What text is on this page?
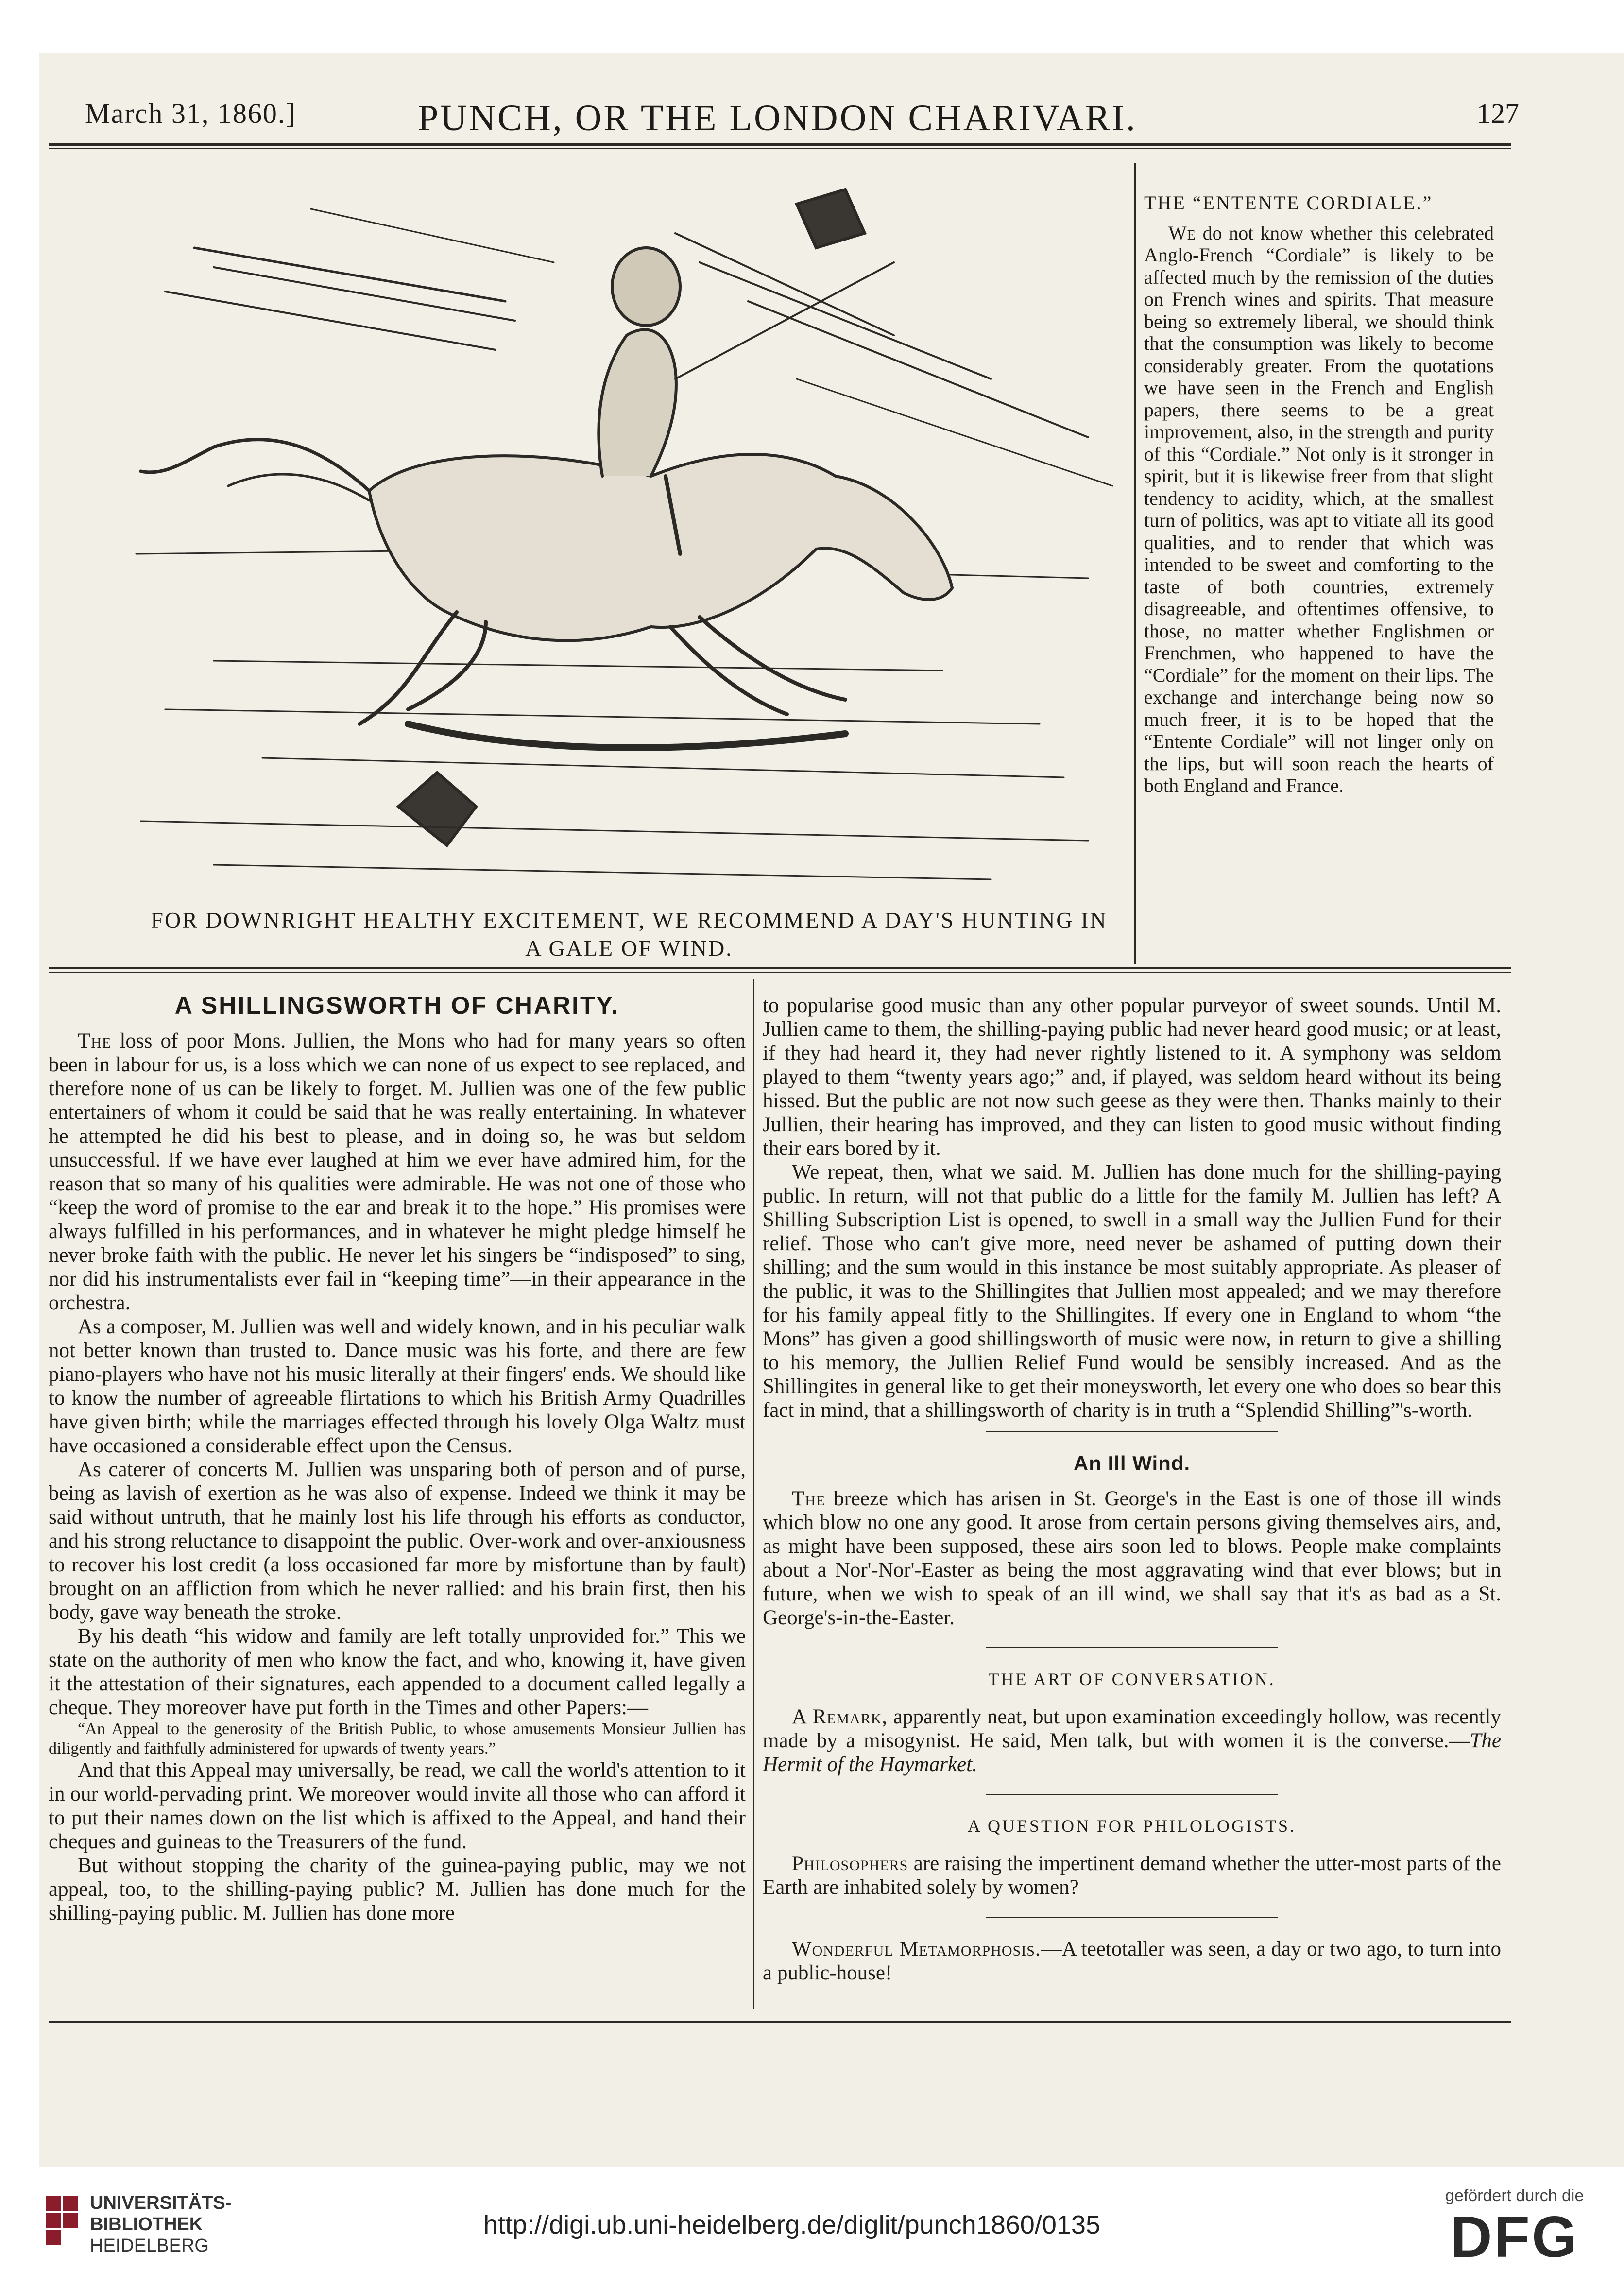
March 31, 1860.]	PUNCH, OR THE LONDON CHARIVARI.	127
FOR DOWNRIGHT HEALTHY EXCITEMENT, WE RECOMMEND A DAY'S HUNTING IN
A GALE OF WIND.
THE “ENTENTE CORDIALE.”

We do not know whether this celebrated Anglo-French “Cordiale” is likely to be affected much by the remission of the duties on French wines and spirits. That measure being so extremely liberal, we should think that the consumption was likely to become considerably greater. From the quotations we have seen in the French and English papers, there seems to be a great improvement, also, in the strength and purity of this “Cordiale.” Not only is it stronger in spirit, but it is likewise freer from that slight tendency to acidity, which, at the smallest turn of politics, was apt to vitiate all its good qualities, and to render that which was intended to be sweet and comforting to the taste of both countries, extremely disagreeable, and oftentimes offensive, to those, no matter whether Englishmen or Frenchmen, who happened to have the “Cordiale” for the moment on their lips. The exchange and interchange being now so much freer, it is to be hoped that the “Entente Cordiale” will not linger only on the lips, but will soon reach the hearts of both England and France.

A SHILLINGSWORTH OF CHARITY.

The loss of poor Mons. Jullien, the Mons who had for many years so often been in labour for us, is a loss which we can none of us expect to see replaced, and therefore none of us can be likely to forget. M. Jullien was one of the few public entertainers of whom it could be said that he was really entertaining. In whatever he attempted he did his best to please, and in doing so, he was but seldom unsuccessful. If we have ever laughed at him we ever have admired him, for the reason that so many of his qualities were admirable. He was not one of those who “keep the word of promise to the ear and break it to the hope.” His promises were always fulfilled in his performances, and in whatever he might pledge himself he never broke faith with the public. He never let his singers be “indisposed” to sing, nor did his instrumentalists ever fail in “keeping time”—in their appearance in the orchestra.

As a composer, M. Jullien was well and widely known, and in his peculiar walk not better known than trusted to. Dance music was his forte, and there are few piano-players who have not his music literally at their fingers' ends. We should like to know the number of agreeable flirtations to which his British Army Quadrilles have given birth; while the marriages effected through his lovely Olga Waltz must have occasioned a considerable effect upon the Census.

As caterer of concerts M. Jullien was unsparing both of person and of purse, being as lavish of exertion as he was also of expense. Indeed we think it may be said without untruth, that he mainly lost his life through his efforts as conductor, and his strong reluctance to disappoint the public. Over-work and over-anxiousness to recover his lost credit (a loss occasioned far more by misfortune than by fault) brought on an affliction from which he never rallied: and his brain first, then his body, gave way beneath the stroke.

By his death “his widow and family are left totally unprovided for.” This we state on the authority of men who know the fact, and who, knowing it, have given it the attestation of their signatures, each appended to a document called legally a cheque. They moreover have put forth in the Times and other Papers:—

“An Appeal to the generosity of the British Public, to whose amusements Monsieur Jullien has diligently and faithfully administered for upwards of twenty years.”

And that this Appeal may universally, be read, we call the world's attention to it in our world-pervading print. We moreover would invite all those who can afford it to put their names down on the list which is affixed to the Appeal, and hand their cheques and guineas to the Treasurers of the fund.

But without stopping the charity of the guinea-paying public, may we not appeal, too, to the shilling-paying public? M. Jullien has done much for the shilling-paying public. M. Jullien has done more

to popularise good music than any other popular purveyor of sweet sounds. Until M. Jullien came to them, the shilling-paying public had never heard good music; or at least, if they had heard it, they had never rightly listened to it. A symphony was seldom played to them “twenty years ago;” and, if played, was seldom heard without its being hissed. But the public are not now such geese as they were then. Thanks mainly to their Jullien, their hearing has improved, and they can listen to good music without finding their ears bored by it.

We repeat, then, what we said. M. Jullien has done much for the shilling-paying public. In return, will not that public do a little for the family M. Jullien has left? A Shilling Subscription List is opened, to swell in a small way the Jullien Fund for their relief. Those who can't give more, need never be ashamed of putting down their shilling; and the sum would in this instance be most suitably appropriate. As pleaser of the public, it was to the Shillingites that Jullien most appealed; and we may therefore for his family appeal fitly to the Shillingites. If every one in England to whom “the Mons” has given a good shillingsworth of music were now, in return to give a shilling to his memory, the Jullien Relief Fund would be sensibly increased. And as the Shillingites in general like to get their moneysworth, let every one who does so bear this fact in mind, that a shillingsworth of charity is in truth a “Splendid Shilling”'s-worth.

An Ill Wind.

The breeze which has arisen in St. George's in the East is one of those ill winds which blow no one any good. It arose from certain persons giving themselves airs, and, as might have been supposed, these airs soon led to blows. People make complaints about a Nor'-Nor'-Easter as being the most aggravating wind that ever blows; but in future, when we wish to speak of an ill wind, we shall say that it's as bad as a St. George's-in-the-Easter.

THE ART OF CONVERSATION.

A Remark, apparently neat, but upon examination exceedingly hollow, was recently made by a misogynist. He said, Men talk, but with women it is the converse.—The Hermit of the Haymarket.

A QUESTION FOR PHILOLOGISTS.

Philosophers are raising the impertinent demand whether the utter-most parts of the Earth are inhabited solely by women?

Wonderful Metamorphosis.—A teetotaller was seen, a day or two ago, to turn into a public-house!

UNIVERSITÄTS-
BIBLIOTHEK
HEIDELBERG
http://digi.ub.uni-heidelberg.de/diglit/punch1860/0135
gefördert durch die
DFG
